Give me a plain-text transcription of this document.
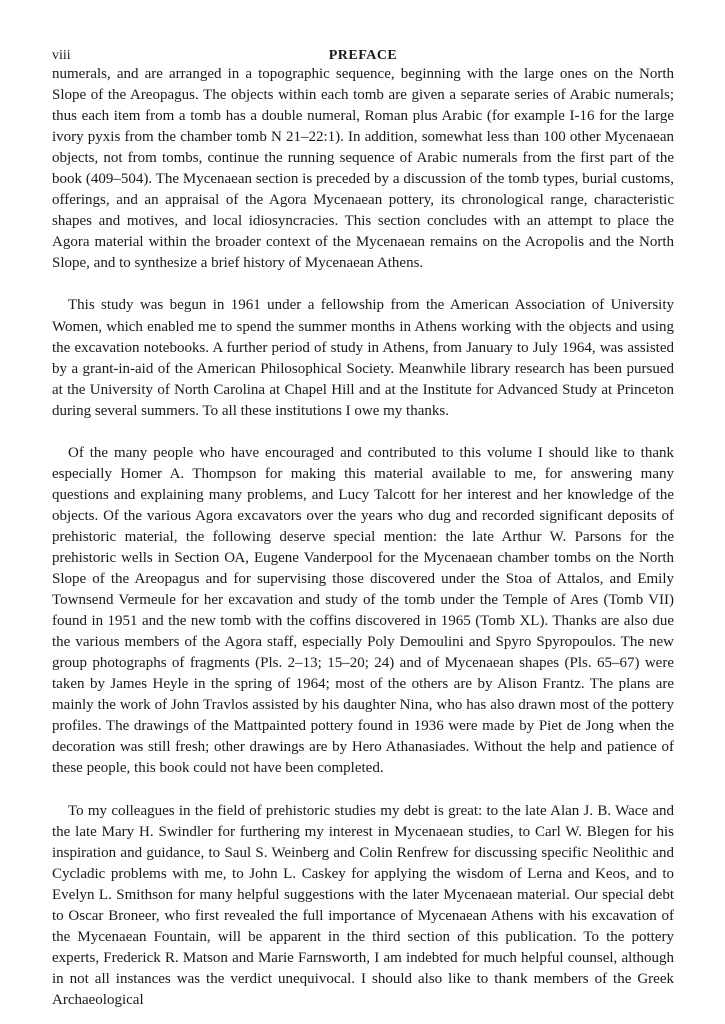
viii	PREFACE

numerals, and are arranged in a topographic sequence, beginning with the large ones on the North Slope of the Areopagus. The objects within each tomb are given a separate series of Arabic numerals; thus each item from a tomb has a double numeral, Roman plus Arabic (for example I-16 for the large ivory pyxis from the chamber tomb N 21–22:1). In addition, somewhat less than 100 other Mycenaean objects, not from tombs, continue the running sequence of Arabic numerals from the first part of the book (409–504). The Mycenaean section is preceded by a discussion of the tomb types, burial customs, offerings, and an appraisal of the Agora Mycenaean pottery, its chronological range, characteristic shapes and motives, and local idiosyncracies. This section concludes with an attempt to place the Agora material within the broader context of the Mycenaean remains on the Acropolis and the North Slope, and to synthesize a brief history of Mycenaean Athens.

This study was begun in 1961 under a fellowship from the American Association of University Women, which enabled me to spend the summer months in Athens working with the objects and using the excavation notebooks. A further period of study in Athens, from January to July 1964, was assisted by a grant-in-aid of the American Philosophical Society. Meanwhile library research has been pursued at the University of North Carolina at Chapel Hill and at the Institute for Advanced Study at Princeton during several summers. To all these institutions I owe my thanks.

Of the many people who have encouraged and contributed to this volume I should like to thank especially Homer A. Thompson for making this material available to me, for answering many questions and explaining many problems, and Lucy Talcott for her interest and her knowledge of the objects. Of the various Agora excavators over the years who dug and recorded significant deposits of prehistoric material, the following deserve special mention: the late Arthur W. Parsons for the prehistoric wells in Section ΟΑ, Eugene Vanderpool for the Mycenaean chamber tombs on the North Slope of the Areopagus and for supervising those discovered under the Stoa of Attalos, and Emily Townsend Vermeule for her excavation and study of the tomb under the Temple of Ares (Tomb VII) found in 1951 and the new tomb with the coffins discovered in 1965 (Tomb XL). Thanks are also due the various members of the Agora staff, especially Poly Demoulini and Spyro Spyropoulos. The new group photographs of fragments (Pls. 2–13; 15–20; 24) and of Mycenaean shapes (Pls. 65–67) were taken by James Heyle in the spring of 1964; most of the others are by Alison Frantz. The plans are mainly the work of John Travlos assisted by his daughter Nina, who has also drawn most of the pottery profiles. The drawings of the Mattpainted pottery found in 1936 were made by Piet de Jong when the decoration was still fresh; other drawings are by Hero Athanasiades. Without the help and patience of these people, this book could not have been completed.

To my colleagues in the field of prehistoric studies my debt is great: to the late Alan J. B. Wace and the late Mary H. Swindler for furthering my interest in Mycenaean studies, to Carl W. Blegen for his inspiration and guidance, to Saul S. Weinberg and Colin Renfrew for discussing specific Neolithic and Cycladic problems with me, to John L. Caskey for applying the wisdom of Lerna and Keos, and to Evelyn L. Smithson for many helpful suggestions with the later Mycenaean material. Our special debt to Oscar Broneer, who first revealed the full importance of Mycenaean Athens with his excavation of the Mycenaean Fountain, will be apparent in the third section of this publication. To the pottery experts, Frederick R. Matson and Marie Farnsworth, I am indebted for much helpful counsel, although in not all instances was the verdict unequivocal. I should also like to thank members of the Greek Archaeological
